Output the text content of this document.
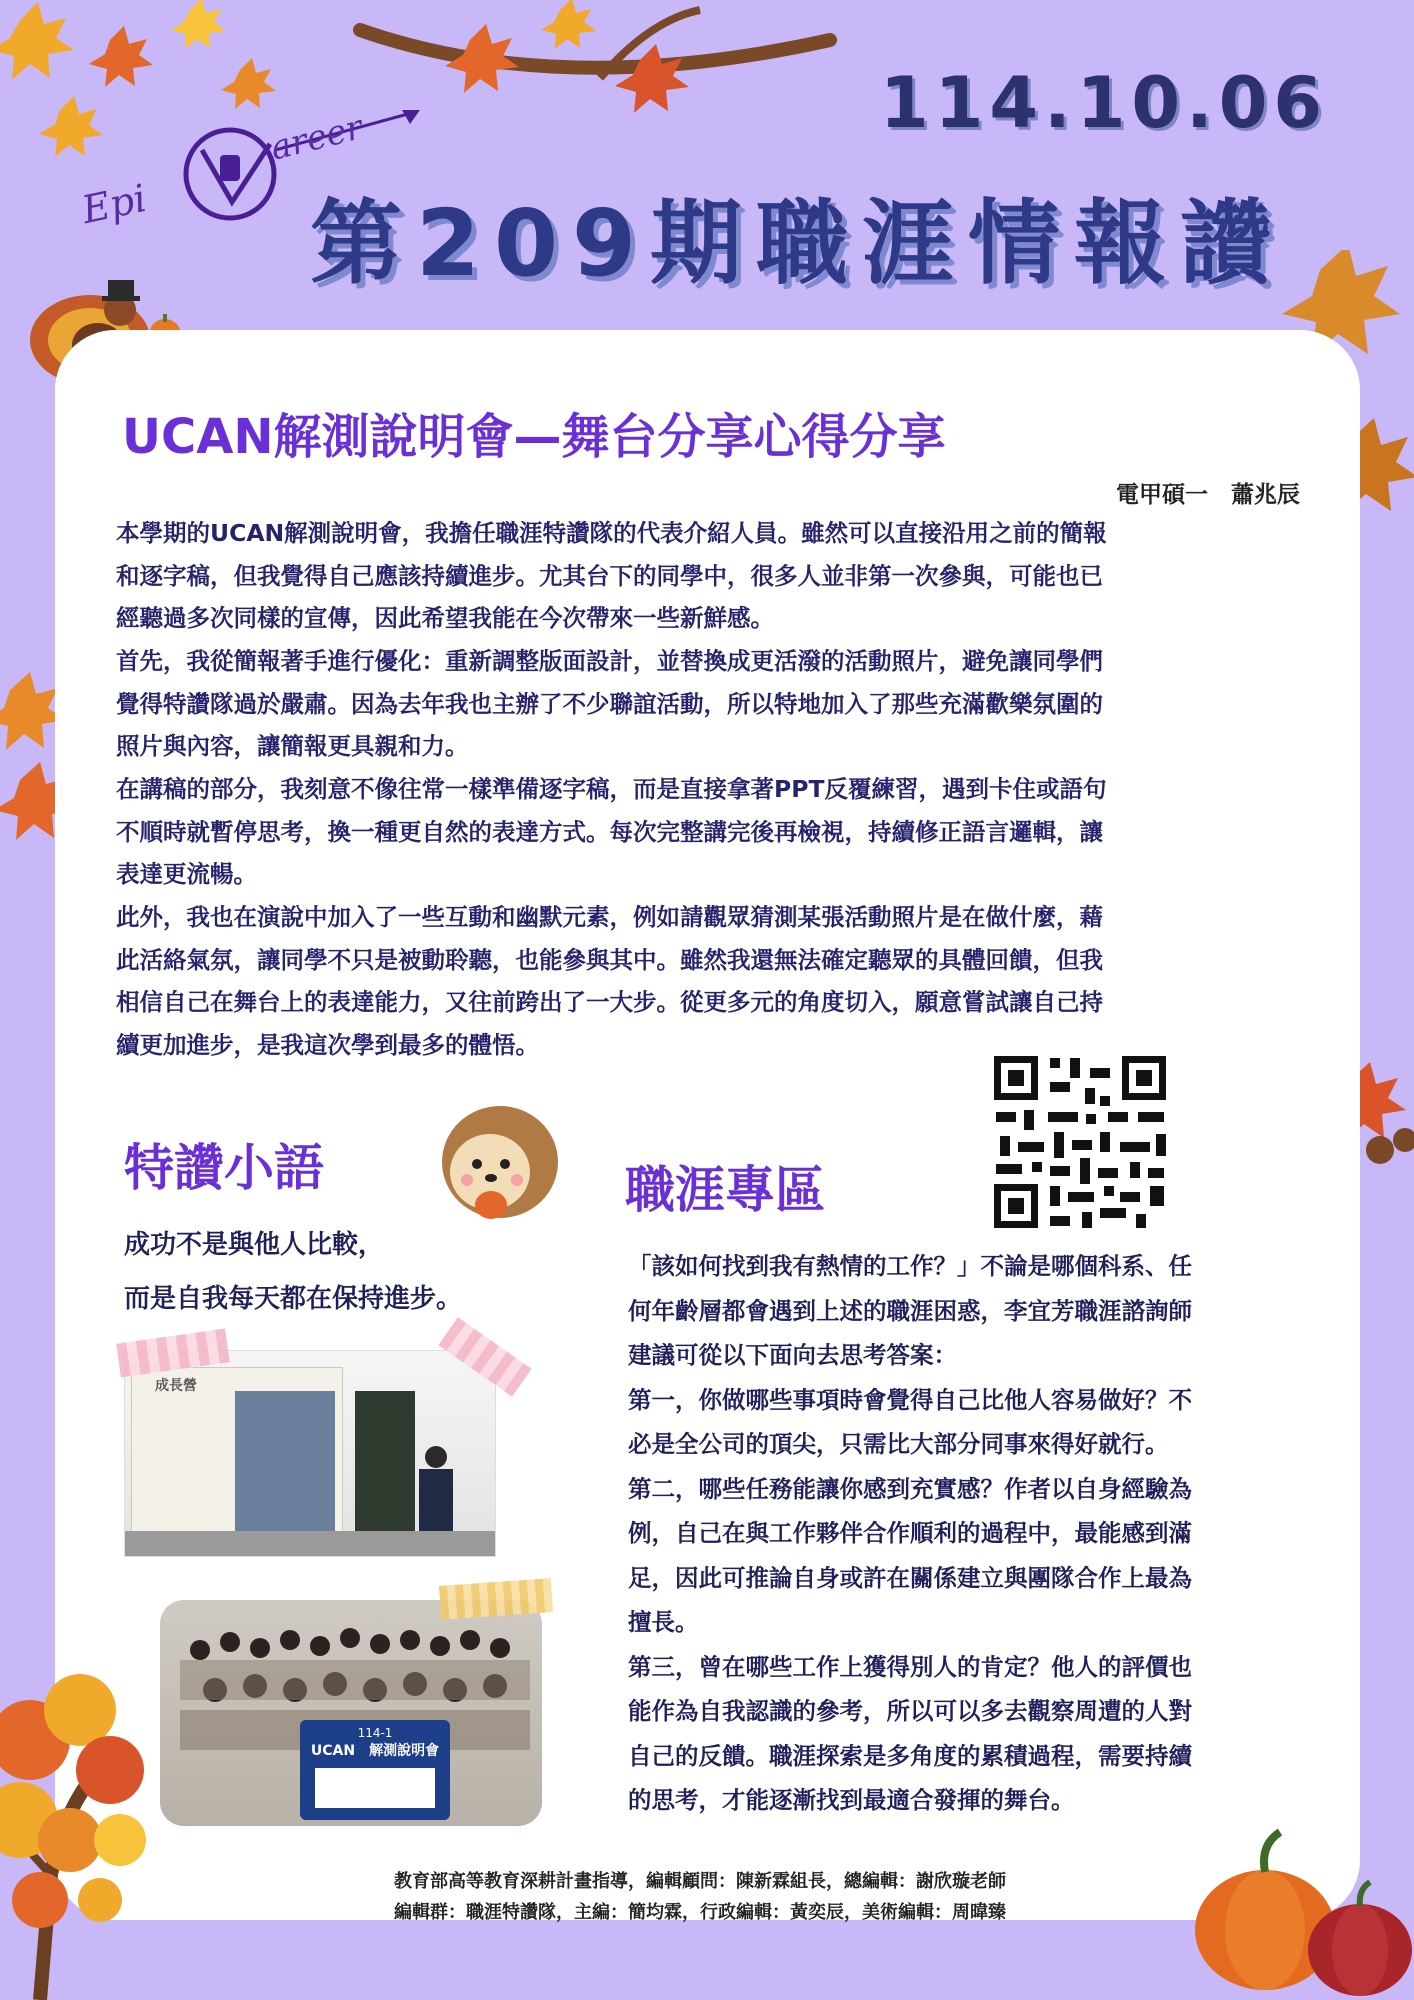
Epi
areer	114.10.06
第209期職涯情報讚
UCAN解測說明會—舞台分享心得分享
電甲碩一　蕭兆辰
本學期的UCAN解測說明會，我擔任職涯特讚隊的代表介紹人員。雖然可以直接沿用之前的簡報
和逐字稿，但我覺得自己應該持續進步。尤其台下的同學中，很多人並非第一次參與，可能也已
經聽過多次同樣的宣傳，因此希望我能在今次帶來一些新鮮感。
首先，我從簡報著手進行優化：重新調整版面設計，並替換成更活潑的活動照片，避免讓同學們
覺得特讚隊過於嚴肅。因為去年我也主辦了不少聯誼活動，所以特地加入了那些充滿歡樂氛圍的
照片與內容，讓簡報更具親和力。
在講稿的部分，我刻意不像往常一樣準備逐字稿，而是直接拿著PPT反覆練習，遇到卡住或語句
不順時就暫停思考，換一種更自然的表達方式。每次完整講完後再檢視，持續修正語言邏輯，讓
表達更流暢。
此外，我也在演說中加入了一些互動和幽默元素，例如請觀眾猜測某張活動照片是在做什麼，藉
此活絡氣氛，讓同學不只是被動聆聽，也能參與其中。雖然我還無法確定聽眾的具體回饋，但我
相信自己在舞台上的表達能力，又往前跨出了一大步。從更多元的角度切入，願意嘗試讓自己持
續更加進步，是我這次學到最多的體悟。
特讚小語
成功不是與他人比較，
而是自我每天都在保持進步。
成長營
114-1
UCAN　解測說明會
職涯專區
「該如何找到我有熱情的工作？」不論是哪個科系、任
何年齡層都會遇到上述的職涯困惑，李宜芳職涯諮詢師
建議可從以下面向去思考答案：
第一，你做哪些事項時會覺得自己比他人容易做好？不
必是全公司的頂尖，只需比大部分同事來得好就行。
第二，哪些任務能讓你感到充實感？作者以自身經驗為
例，自己在與工作夥伴合作順利的過程中，最能感到滿
足，因此可推論自身或許在關係建立與團隊合作上最為
擅長。
第三，曾在哪些工作上獲得別人的肯定？他人的評價也
能作為自我認識的參考，所以可以多去觀察周遭的人對
自己的反饋。職涯探索是多角度的累積過程，需要持續
的思考，才能逐漸找到最適合發揮的舞台。
教育部高等教育深耕計畫指導，編輯顧問：陳新霖組長，總編輯：謝欣璇老師
編輯群：職涯特讚隊，主編：簡均霖，行政編輯：黃奕辰，美術編輯：周暐臻
